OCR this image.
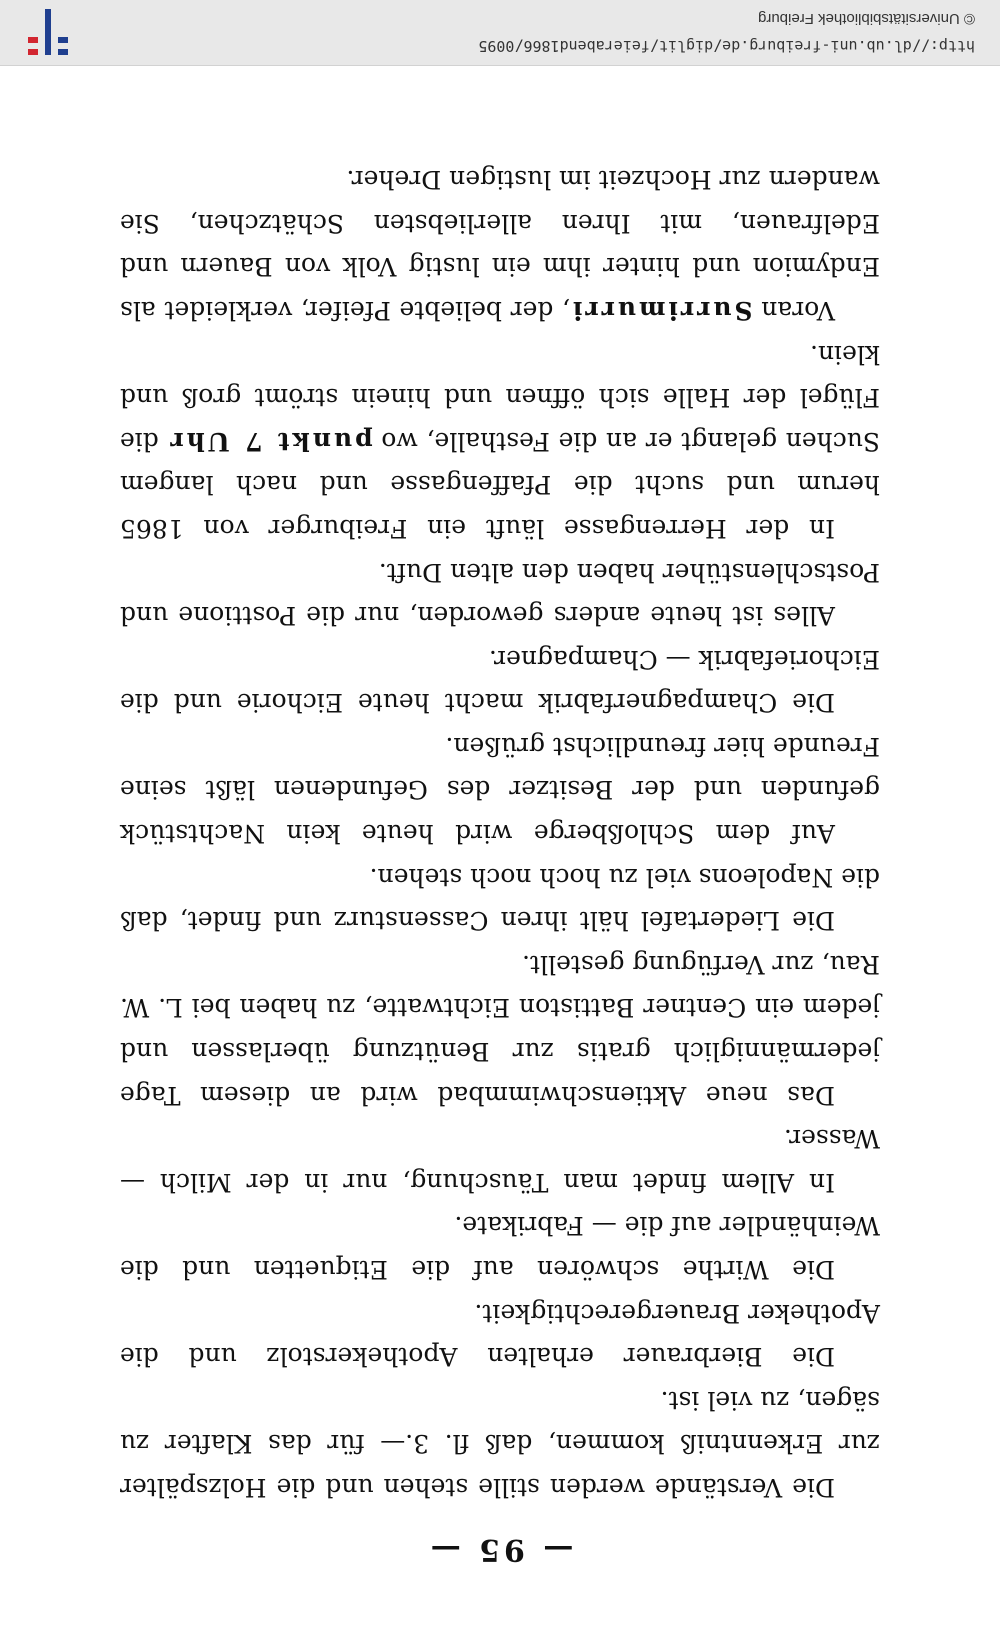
— 95 —

Die Verstände werden stille stehen und die Holzspälter zur Erkenntniß kommen, daß fl. 3.— für das Klafter zu sägen, zu viel ist.

Die Bierbrauer erhalten Apothekerstolz und die Apotheker Brauergerechtigkeit.

Die Wirthe schwören auf die Etiquetten und die Weinhändler auf die — Fabrikate.

In Allem findet man Täuschung, nur in der Milch — Wasser.

Das neue Aktienschwimmbad wird an diesem Tage jedermänniglich gratis zur Benützung überlassen und jedem ein Centner Battiston Eichtwatte, zu haben bei L. W. Rau, zur Verfügung gestellt.

Die Liedertafel hält ihren Cassensturz und findet, daß die Napoleons viel zu hoch noch stehen.

Auf dem Schloßberge wird heute kein Nachtstück gefunden und der Besitzer des Gefundenen läßt seine Freunde hier freundlichst grüßen.

Die Champagnerfabrik macht heute Eichorie und die Eichoriefabrik — Champagner.

Alles ist heute anders geworden, nur die Posttione und Postschlenstüher haben den alten Duft.

In der Herrengasse läuft ein Freiburger von 1865 herum und sucht die Pfaffengasse und nach langem Suchen gelangt er an die Festhalle, wo punkt 7 Uhr die Flügel der Halle sich öffnen und hinein strömt groß und klein.

Voran Surrimurri, der beliebte Pfeifer, verkleidet als Endymion und hinter ihm ein lustig Volk von Bauern und Edelfrauen, mit Ihren allerliebsten Schätzchen, Sie wandern zur Hochzeit im lustigen Dreher.

http://dl.ub.uni-freiburg.de/diglit/feierabend1866/0095
© Universitätsbibliothek Freiburg
